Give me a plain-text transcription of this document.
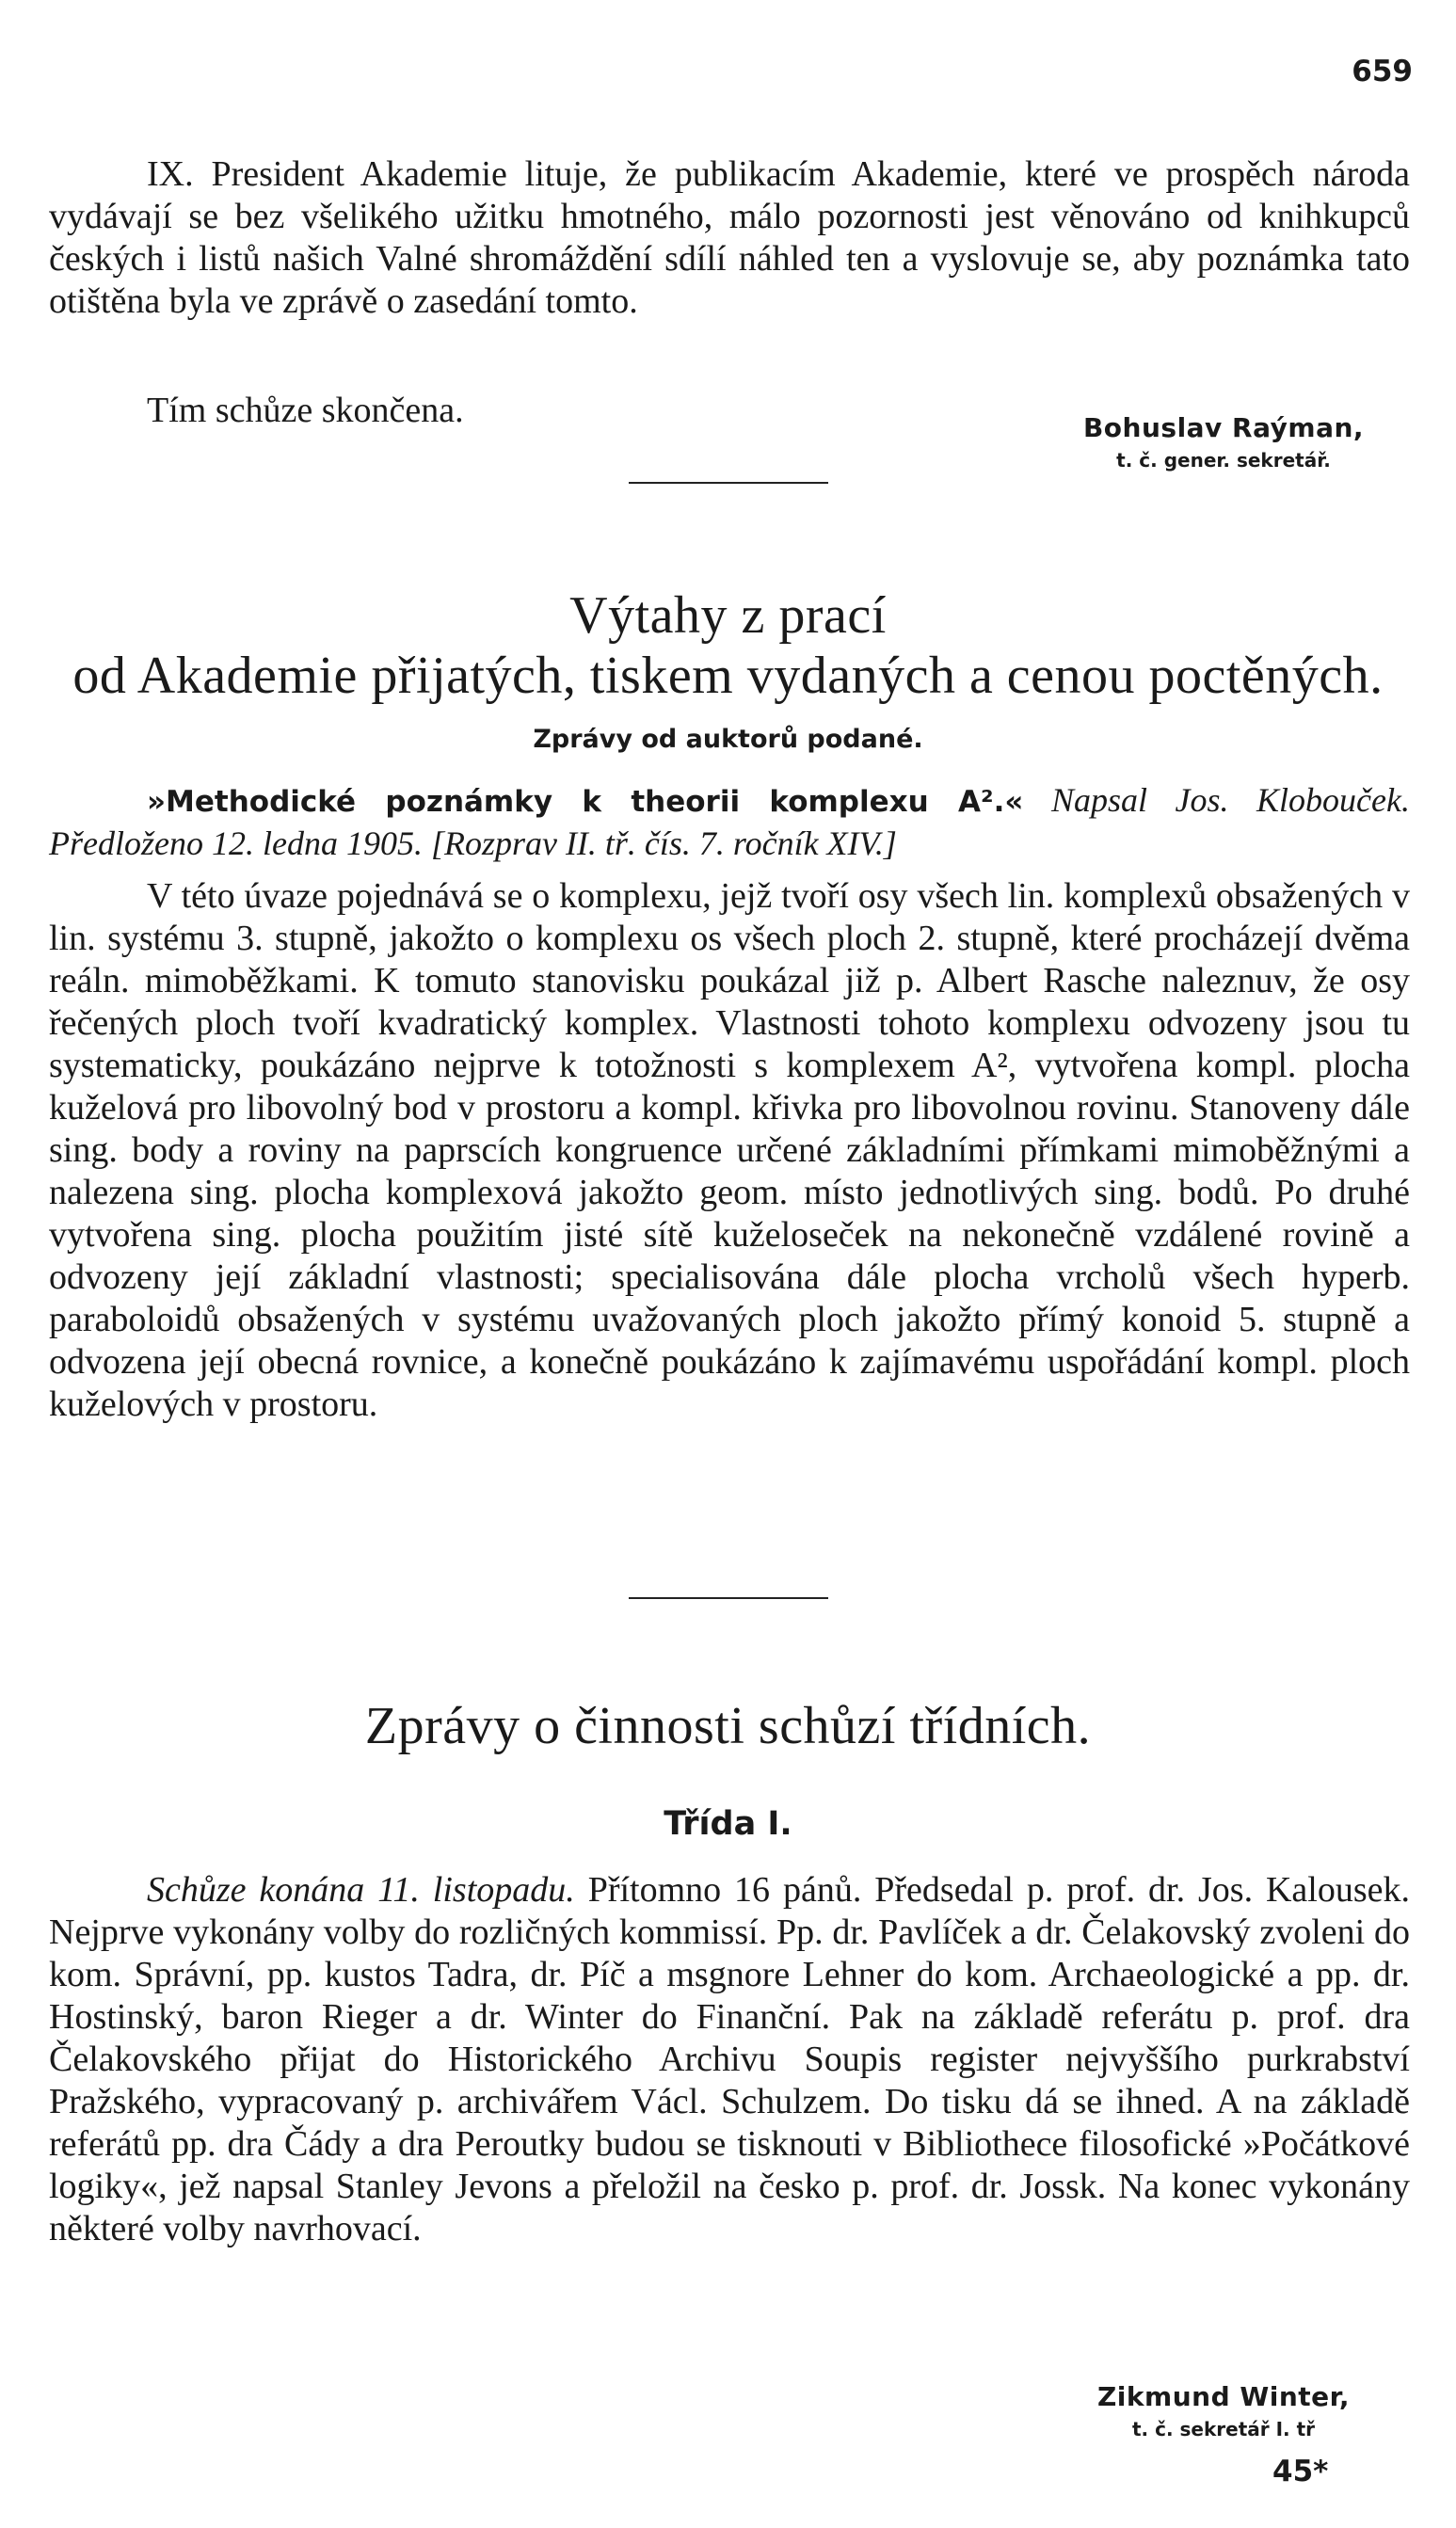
659

IX. President Akademie lituje, že publikacím Akademie, které ve prospěch národa vydávají se bez všelikého užitku hmotného, málo pozornosti jest věnováno od knihkupců českých i listů našich Valné shromáždění sdílí náhled ten a vyslovuje se, aby poznámka tato otištěna byla ve zprávě o zasedání tomto.

Tím schůze skončena.	Bohuslav Raýman,
t. č. gener. sekretář.
Výtahy z prací
od Akademie přijatých, tiskem vydaných a cenou poctěných.
Zprávy od auktorů podané.

»Methodické poznámky k theorii komplexu A².« Napsal Jos. Klobouček. Předloženo 12. ledna 1905. [Rozprav II. tř. čís. 7. ročník XIV.]

V této úvaze pojednává se o komplexu, jejž tvoří osy všech lin. komplexů obsažených v lin. systému 3. stupně, jakožto o komplexu os všech ploch 2. stupně, které procházejí dvěma reáln. mimoběžkami. K tomuto stanovisku poukázal již p. Albert Rasche naleznuv, že osy řečených ploch tvoří kvadratický komplex. Vlastnosti tohoto komplexu odvozeny jsou tu systematicky, poukázáno nejprve k totožnosti s komplexem A², vytvořena kompl. plocha kuželová pro libovolný bod v prostoru a kompl. křivka pro libovolnou rovinu. Stanoveny dále sing. body a roviny na paprscích kongruence určené základními přímkami mimoběžnými a nalezena sing. plocha komplexová jakožto geom. místo jednotlivých sing. bodů. Po druhé vytvořena sing. plocha použitím jisté sítě kuželoseček na nekonečně vzdálené rovině a odvozeny její základní vlastnosti; specialisována dále plocha vrcholů všech hyperb. paraboloidů obsažených v systému uvažovaných ploch jakožto přímý konoid 5. stupně a odvozena její obecná rovnice, a konečně poukázáno k zajímavému uspořádání kompl. ploch kuželových v prostoru.

Zprávy o činnosti schůzí třídních.
Třída I.

Schůze konána 11. listopadu. Přítomno 16 pánů. Předsedal p. prof. dr. Jos. Kalousek. Nejprve vykonány volby do rozličných kommissí. Pp. dr. Pavlíček a dr. Čelakovský zvoleni do kom. Správní, pp. kustos Tadra, dr. Píč a msgnore Lehner do kom. Archaeologické a pp. dr. Hostinský, baron Rieger a dr. Winter do Finanční. Pak na základě referátu p. prof. dra Čelakovského přijat do Historického Archivu Soupis register nejvyššího purkrabství Pražského, vypracovaný p. archivářem Václ. Schulzem. Do tisku dá se ihned. A na základě referátů pp. dra Čády a dra Peroutky budou se tisknouti v Bibliothece filosofické »Počátkové logiky«, jež napsal Stanley Jevons a přeložil na česko p. prof. dr. Jossk. Na konec vykonány některé volby navrhovací.

Zikmund Winter,
t. č. sekretář I. tř
45*
